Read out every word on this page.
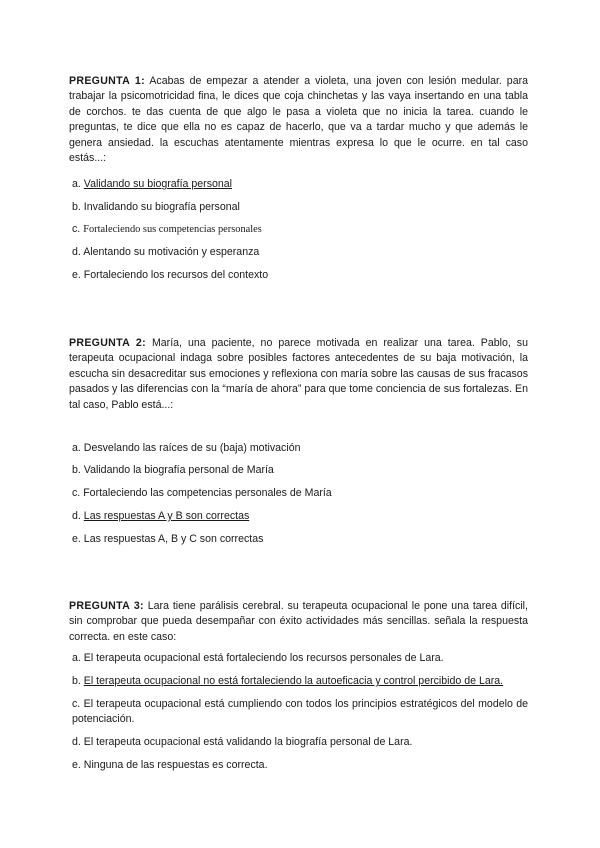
PREGUNTA 1: Acabas de empezar a atender a violeta, una joven con lesión medular. para trabajar la psicomotricidad fina, le dices que coja chinchetas y las vaya insertando en una tabla de corchos. te das cuenta de que algo le pasa a violeta que no inicia la tarea. cuando le preguntas, te dice que ella no es capaz de hacerlo, que va a tardar mucho y que además le genera ansiedad. la escuchas atentamente mientras expresa lo que le ocurre. en tal caso estás...:
a. Validando su biografía personal
b. Invalidando su biografía personal
c. Fortaleciendo sus competencias personales
d. Alentando su motivación y esperanza
e. Fortaleciendo los recursos del contexto
PREGUNTA 2: María, una paciente, no parece motivada en realizar una tarea. Pablo, su terapeuta ocupacional indaga sobre posibles factores antecedentes de su baja motivación, la escucha sin desacreditar sus emociones y reflexiona con maría sobre las causas de sus fracasos pasados y las diferencias con la “maría de ahora” para que tome conciencia de sus fortalezas. En tal caso, Pablo está...:
a. Desvelando las raíces de su (baja) motivación
b. Validando la biografía personal de María
c. Fortaleciendo las competencias personales de María
d. Las respuestas A y B son correctas
e. Las respuestas A, B y C son correctas
PREGUNTA 3: Lara tiene parálisis cerebral. su terapeuta ocupacional le pone una tarea difícil, sin comprobar que pueda desempañar con éxito actividades más sencillas. señala la respuesta correcta. en este caso:
a. El terapeuta ocupacional está fortaleciendo los recursos personales de Lara.
b. El terapeuta ocupacional no está fortaleciendo la autoeficacia y control percibido de Lara.
c. El terapeuta ocupacional está cumpliendo con todos los principios estratégicos del modelo de potenciación.
d. El terapeuta ocupacional está validando la biografía personal de Lara.
e. Ninguna de las respuestas es correcta.
